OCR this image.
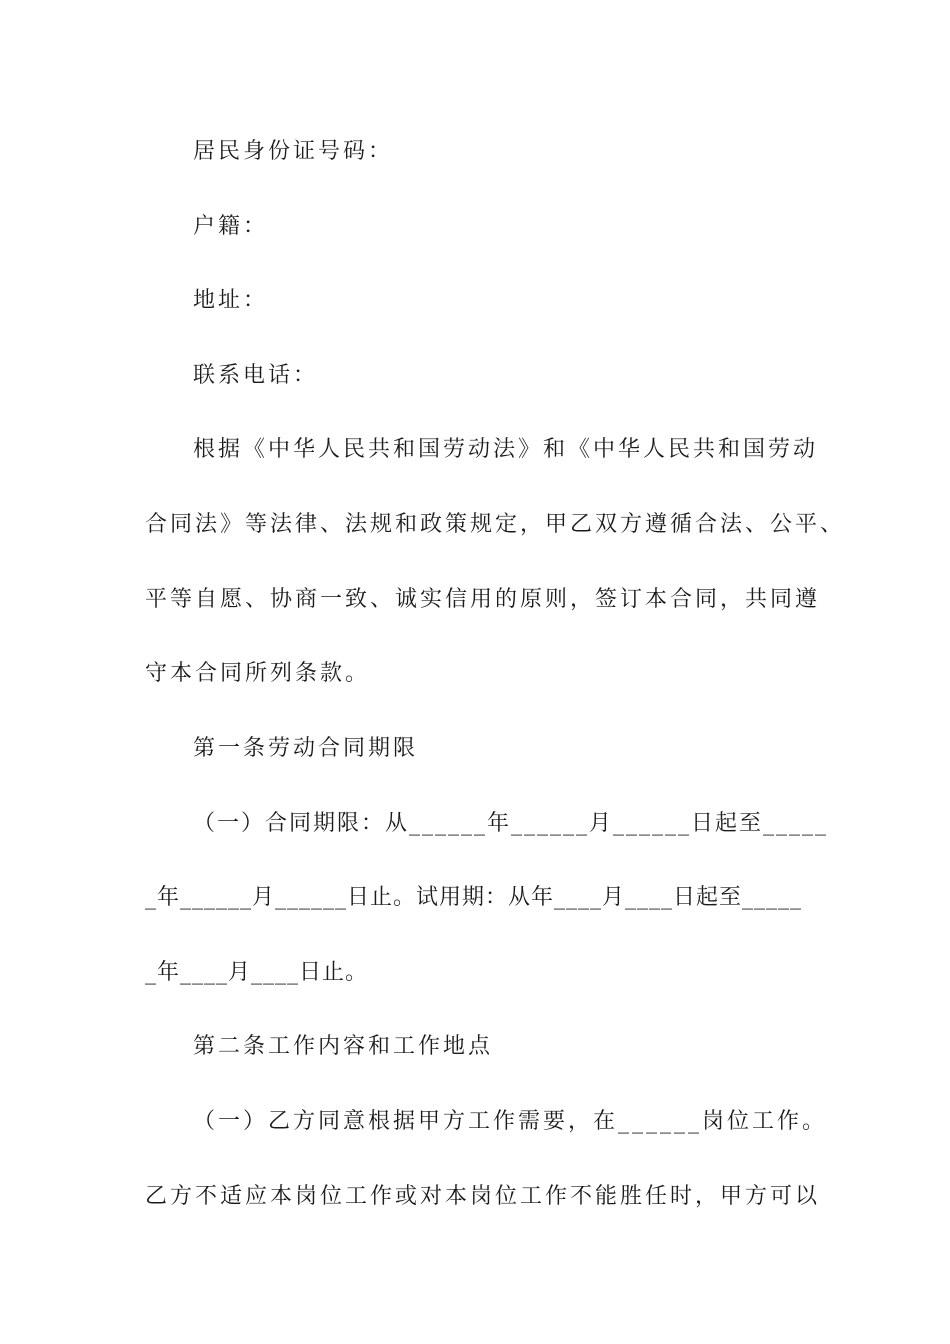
居民身份证号码：
户籍：
地址：
联系电话：
根据《中华人民共和国劳动法》和《中华人民共和国劳动
合同法》等法律、法规和政策规定，甲乙双方遵循合法、公平、
平等自愿、协商一致、诚实信用的原则，签订本合同，共同遵
守本合同所列条款。
第一条劳动合同期限
（一）合同期限：从______年______月______日起至_____
_年______月______日止。试用期：从年____月____日起至_____
_年____月____日止。
第二条工作内容和工作地点
（一）乙方同意根据甲方工作需要，在______岗位工作。
乙方不适应本岗位工作或对本岗位工作不能胜任时，甲方可以
